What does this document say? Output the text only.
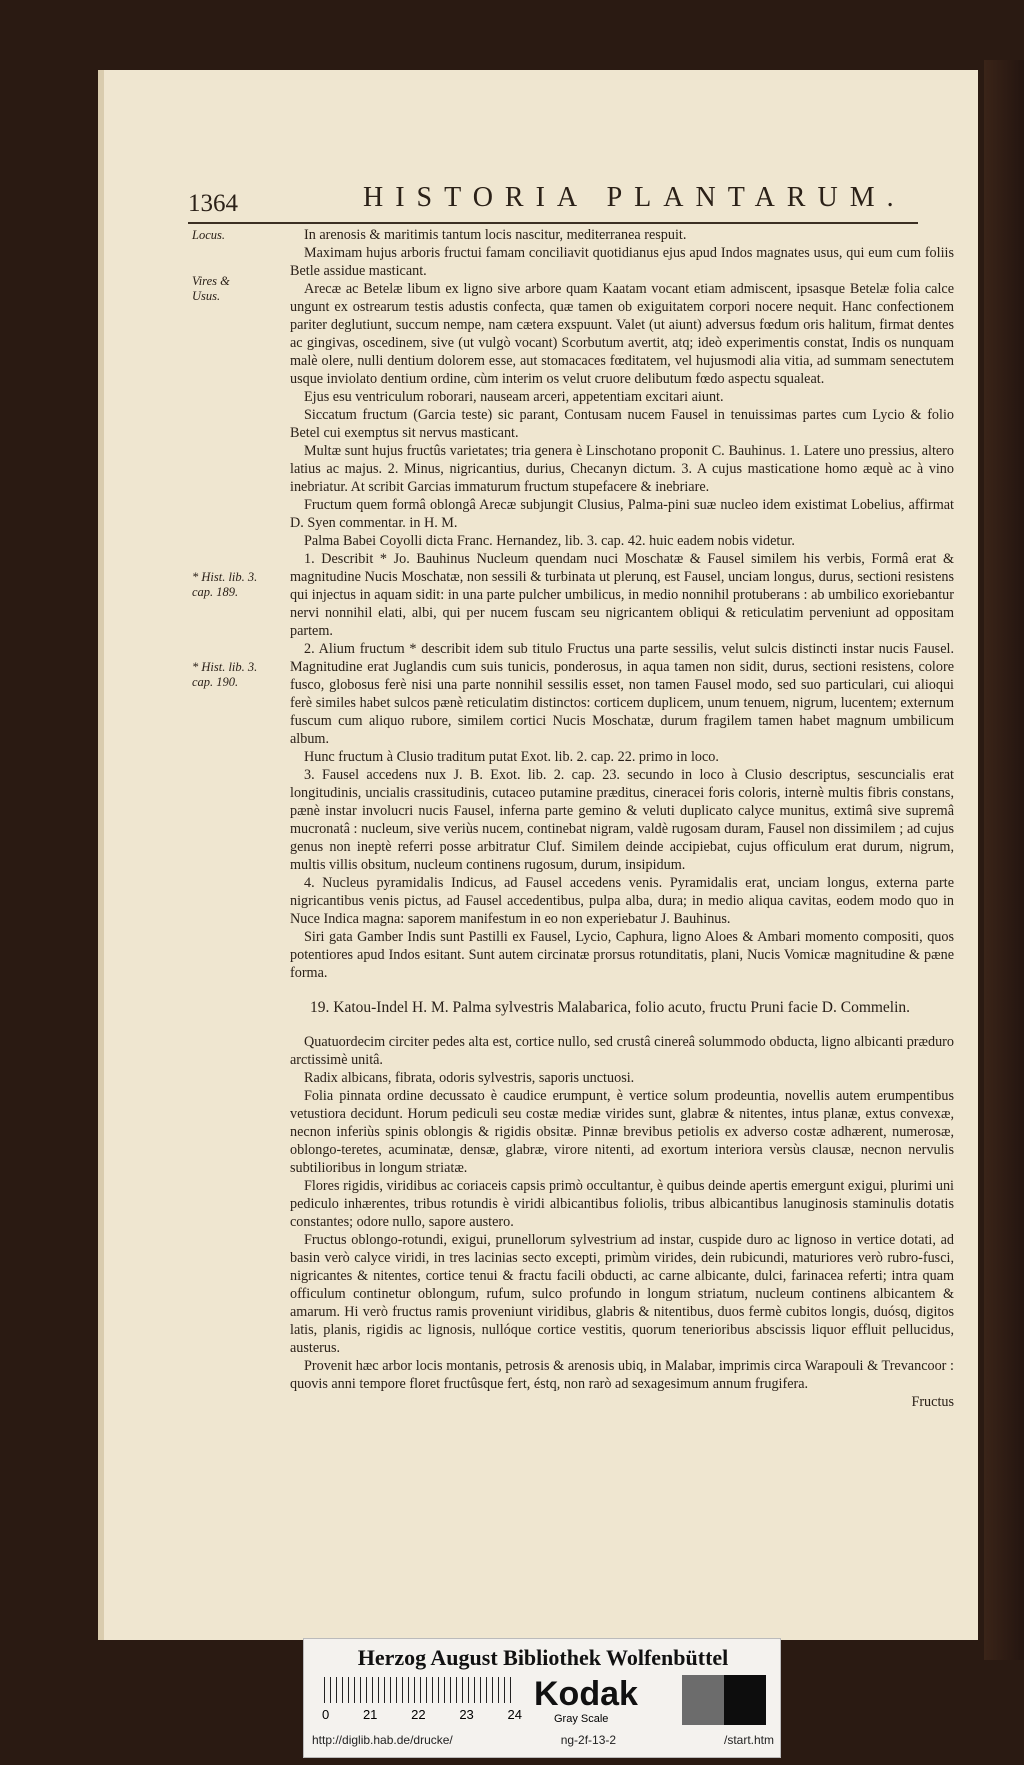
1364	HISTORIA PLANTARUM.
Locus.
Vires & Usus.
* Hist. lib. 3. cap. 189.
* Hist. lib. 3. cap. 190.

In arenosis & maritimis tantum locis nascitur, mediterranea respuit.

Maximam hujus arboris fructui famam conciliavit quotidianus ejus apud Indos magnates usus, qui eum cum foliis Betle assidue masticant.

Arecæ ac Betelæ libum ex ligno sive arbore quam Kaatam vocant etiam admiscent, ipsasque Betelæ folia calce ungunt ex ostrearum testis adustis confecta, quæ tamen ob exiguitatem corpori nocere nequit. Hanc confectionem pariter deglutiunt, succum nempe, nam cætera exspuunt. Valet (ut aiunt) adversus fœdum oris halitum, firmat dentes ac gingivas, oscedinem, sive (ut vulgò vocant) Scorbutum avertit, atq; ideò experimentis constat, Indis os nunquam malè olere, nulli dentium dolorem esse, aut stomacaces fœditatem, vel hujusmodi alia vitia, ad summam senectutem usque inviolato dentium ordine, cùm interim os velut cruore delibutum fœdo aspectu squaleat.

Ejus esu ventriculum roborari, nauseam arceri, appetentiam excitari aiunt.

Siccatum fructum (Garcia teste) sic parant, Contusam nucem Fausel in tenuissimas partes cum Lycio & folio Betel cui exemptus sit nervus masticant.

Multæ sunt hujus fructûs varietates; tria genera è Linschotano proponit C. Bauhinus. 1. Latere uno pressius, altero latius ac majus. 2. Minus, nigricantius, durius, Checanyn dictum. 3. A cujus masticatione homo æquè ac à vino inebriatur. At scribit Garcias immaturum fructum stupefacere & inebriare.

Fructum quem formâ oblongâ Arecæ subjungit Clusius, Palma-pini suæ nucleo idem existimat Lobelius, affirmat D. Syen commentar. in H. M.

Palma Babei Coyolli dicta Franc. Hernandez, lib. 3. cap. 42. huic eadem nobis videtur.

1. Describit * Jo. Bauhinus Nucleum quendam nuci Moschatæ & Fausel similem his verbis, Formâ erat & magnitudine Nucis Moschatæ, non sessili & turbinata ut plerunq, est Fausel, unciam longus, durus, sectioni resistens qui injectus in aquam sidit: in una parte pulcher umbilicus, in medio nonnihil protuberans : ab umbilico exoriebantur nervi nonnihil elati, albi, qui per nucem fuscam seu nigricantem obliqui & reticulatim perveniunt ad oppositam partem.

2. Alium fructum * describit idem sub titulo Fructus una parte sessilis, velut sulcis distincti instar nucis Fausel. Magnitudine erat Juglandis cum suis tunicis, ponderosus, in aqua tamen non sidit, durus, sectioni resistens, colore fusco, globosus ferè nisi una parte nonnihil sessilis esset, non tamen Fausel modo, sed suo particulari, cui alioqui ferè similes habet sulcos pænè reticulatim distinctos: corticem duplicem, unum tenuem, nigrum, lucentem; externum fuscum cum aliquo rubore, similem cortici Nucis Moschatæ, durum fragilem tamen habet magnum umbilicum album.

Hunc fructum à Clusio traditum putat Exot. lib. 2. cap. 22. primo in loco.

3. Fausel accedens nux J. B. Exot. lib. 2. cap. 23. secundo in loco à Clusio descriptus, sescuncialis erat longitudinis, uncialis crassitudinis, cutaceo putamine præditus, cineracei foris coloris, internè multis fibris constans, pænè instar involucri nucis Fausel, inferna parte gemino & veluti duplicato calyce munitus, extimâ sive supremâ mucronatâ : nucleum, sive veriùs nucem, continebat nigram, valdè rugosam duram, Fausel non dissimilem ; ad cujus genus non ineptè referri posse arbitratur Cluf. Similem deinde accipiebat, cujus officulum erat durum, nigrum, multis villis obsitum, nucleum continens rugosum, durum, insipidum.

4. Nucleus pyramidalis Indicus, ad Fausel accedens venis. Pyramidalis erat, unciam longus, externa parte nigricantibus venis pictus, ad Fausel accedentibus, pulpa alba, dura; in medio aliqua cavitas, eodem modo quo in Nuce Indica magna: saporem manifestum in eo non experiebatur J. Bauhinus.

Siri gata Gamber Indis sunt Pastilli ex Fausel, Lycio, Caphura, ligno Aloes & Ambari momento compositi, quos potentiores apud Indos esitant. Sunt autem circinatæ prorsus rotunditatis, plani, Nucis Vomicæ magnitudine & pæne forma.

19. Katou-Indel H. M. Palma sylvestris Malabarica, folio acuto, fructu Pruni facie D. Commelin.

Quatuordecim circiter pedes alta est, cortice nullo, sed crustâ cinereâ solummodo obducta, ligno albicanti præduro arctissimè unitâ.

Radix albicans, fibrata, odoris sylvestris, saporis unctuosi.

Folia pinnata ordine decussato è caudice erumpunt, è vertice solum prodeuntia, novellis autem erumpentibus vetustiora decidunt. Horum pediculi seu costæ mediæ virides sunt, glabræ & nitentes, intus planæ, extus convexæ, necnon inferiùs spinis oblongis & rigidis obsitæ. Pinnæ brevibus petiolis ex adverso costæ adhærent, numerosæ, oblongo-teretes, acuminatæ, densæ, glabræ, virore nitenti, ad exortum interiora versùs clausæ, necnon nervulis subtilioribus in longum striatæ.

Flores rigidis, viridibus ac coriaceis capsis primò occultantur, è quibus deinde apertis emergunt exigui, plurimi uni pediculo inhærentes, tribus rotundis è viridi albicantibus foliolis, tribus albicantibus lanuginosis staminulis dotatis constantes; odore nullo, sapore austero.

Fructus oblongo-rotundi, exigui, prunellorum sylvestrium ad instar, cuspide duro ac lignoso in vertice dotati, ad basin verò calyce viridi, in tres lacinias secto excepti, primùm virides, dein rubicundi, maturiores verò rubro-fusci, nigricantes & nitentes, cortice tenui & fractu facili obducti, ac carne albicante, dulci, farinacea referti; intra quam officulum continetur oblongum, rufum, sulco profundo in longum striatum, nucleum continens albicantem & amarum. Hi verò fructus ramis proveniunt viridibus, glabris & nitentibus, duos fermè cubitos longis, duósq, digitos latis, planis, rigidis ac lignosis, nullóque cortice vestitis, quorum tenerioribus abscissis liquor effluit pellucidus, austerus.

Provenit hæc arbor locis montanis, petrosis & arenosis ubiq, in Malabar, imprimis circa Warapouli & Trevancoor : quovis anni tempore floret fructûsque fert, éstq, non rarò ad sexagesimum annum frugifera.

Fructus

Herzog August Bibliothek Wolfenbüttel
0	21	22	23	24
Kodak
Gray Scale
http://diglib.hab.de/drucke/	ng-2f-13-2	/start.htm
